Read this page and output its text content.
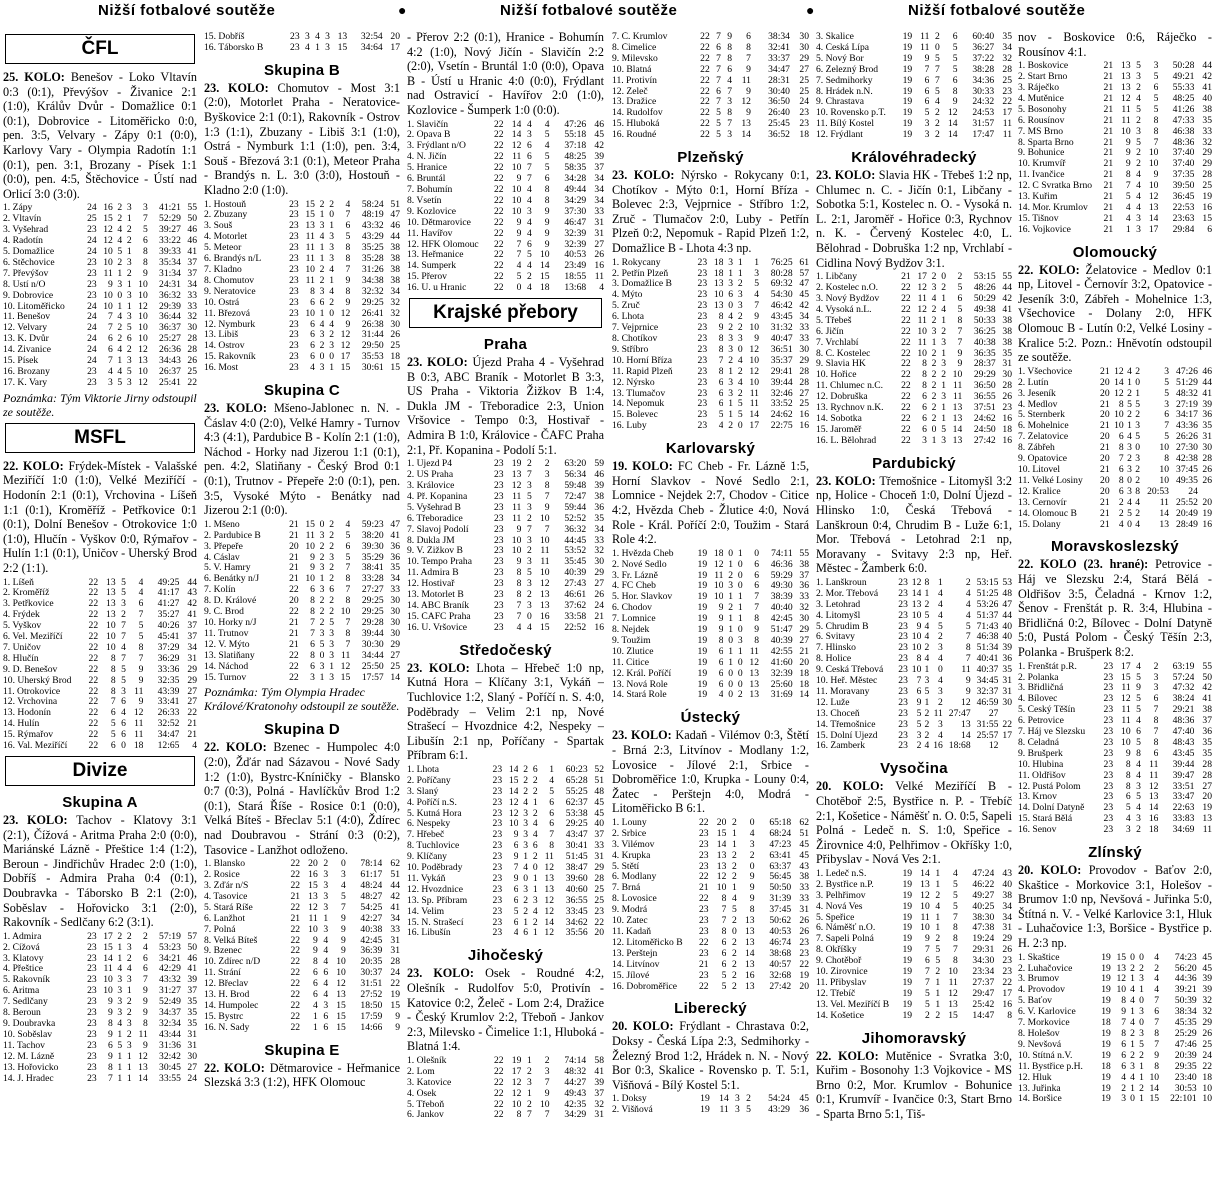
Nižší fotbalové soutěže	●	Nižší fotbalové soutěže	●	Nižší fotbalové soutěže
ČFL
25. KOLO: Benešov - Loko Vltavín 0:3 (0:1), Převýšov - Živanice 2:1 (1:0), Králův Dvůr - Domažlice 0:1 (0:1), Dobrovice - Litoměřicko 0:0, pen. 3:5, Velvary - Zápy 0:1 (0:0), Karlovy Vary - Olympia Radotín 1:1 (0:1), pen. 3:1, Brozany - Písek 1:1 (0:0), pen. 4:5, Štěchovice - Ústí nad Orlicí 3:0 (3:0).
1. Zápy	24	16	2	3	3	41:21	55
2. Vltavín	25	15	2	1	7	52:29	50
3. Vyšehrad	23	12	4	2	5	39:27	46
4. Radotín	24	12	4	2	6	33:22	46
5. Domažlice	24	10	5	1	8	39:33	41
6. Štěchovice	23	10	2	3	8	35:34	37
7. Převýšov	23	11	1	2	9	31:34	37
8. Ústí n/O	23	9	3	1	10	24:31	34
9. Dobrovice	23	10	0	3	10	36:32	33
10. Litoměřicko	24	10	1	1	12	29:39	33
11. Benešov	24	7	4	3	10	36:44	32
12. Velvary	24	7	2	5	10	36:37	30
13. K. Dvůr	24	6	2	6	10	25:27	28
14. Živanice	24	6	4	2	12	26:36	28
15. Písek	24	7	1	3	13	34:43	26
16. Brozany	23	4	4	5	10	26:37	25
17. K. Vary	23	3	5	3	12	25:41	22
Poznámka: Tým Viktorie Jirny odstoupil ze soutěže.
MSFL
22. KOLO: Frýdek-Místek - Valašské Meziříčí 1:0 (1:0), Velké Meziříčí - Hodonín 2:1 (0:1), Vrchovina - Líšeň 1:1 (0:1), Kroměříž - Petřkovice 0:1 (0:1), Dolní Benešov - Otrokovice 1:0 (1:0), Hlučín - Vyškov 0:0, Rýmařov - Hulín 1:1 (0:1), Uničov - Uherský Brod 2:2 (1:1).
1. Líšeň	22	13	5	4	49:25	44
2. Kroměříž	22	13	5	4	41:17	43
3. Petřkovice	22	13	3	6	41:27	42
4. Frýdek	22	13	2	7	35:27	41
5. Vyškov	22	10	7	5	40:26	37
6. Vel. Meziříčí	22	10	7	5	45:41	37
7. Uničov	22	10	4	8	37:29	34
8. Hlučín	22	8	7	7	36:29	31
9. D. Benešov	22	8	5	9	33:36	29
10. Uherský Brod	22	8	5	9	32:35	29
11. Otrokovice	22	8	3	11	43:39	27
12. Vrchovina	22	7	6	9	33:41	27
13. Hodonín	22	6	4	12	26:33	22
14. Hulín	22	5	6	11	32:52	21
15. Rýmařov	22	5	6	11	34:47	21
16. Val. Meziříčí	22	6	0	18	12:65	4
Divize
Skupina A
23. KOLO: Tachov - Klatovy 3:1 (2:1), Čížová - Aritma Praha 2:0 (0:0), Mariánské Lázně - Přeštice 1:4 (1:2), Beroun - Jindřichův Hradec 2:0 (1:0), Dobříš - Admira Praha 0:4 (0:1), Doubravka - Táborsko B 2:1 (2:0), Soběslav - Hořovicko 3:1 (2:0), Rakovník - Sedlčany 6:2 (3:1).
1. Admira	23	17	2	2	2	57:19	57
2. Čížová	23	15	1	3	4	53:23	50
3. Klatovy	23	14	1	2	6	34:21	46
4. Přeštice	23	11	4	4	6	42:29	41
5. Rakovník	23	10	3	3	7	43:32	39
6. Aritma	23	10	3	1	9	31:27	37
7. Sedlčany	23	9	3	2	9	52:49	35
8. Beroun	23	9	3	2	9	34:37	35
9. Doubravka	23	8	4	3	8	32:34	35
10. Soběslav	23	9	1	2	11	43:44	31
11. Tachov	23	6	5	3	9	31:36	31
12. M. Lázně	23	9	1	1	12	32:42	30
13. Hořovicko	23	8	1	1	13	30:45	27
14. J. Hradec	23	7	1	1	14	33:55	24
15. Dobříš	23	3	4	3	13	32:54	20
16. Táborsko B	23	4	1	3	15	34:64	17
Skupina B
23. KOLO: Chomutov - Most 3:1 (2:0), Motorlet Praha - Neratovice-Byškovice 2:1 (0:1), Rakovník - Ostrov 1:3 (1:1), Zbuzany - Libiš 3:1 (1:0), Ostrá - Nymburk 1:1 (1:0), pen. 3:4, Souš - Březová 3:1 (0:1), Meteor Praha - Brandýs n. L. 3:0 (3:0), Hostouň - Kladno 2:0 (1:0).
1. Hostouň	23	15	2	2	4	58:24	51
2. Zbuzany	23	15	1	0	7	48:19	47
3. Souš	23	13	3	1	6	43:32	46
4. Motorlet	23	11	4	3	5	43:29	44
5. Meteor	23	11	1	3	8	35:25	38
6. Brandýs n/L	23	11	1	3	8	35:28	38
7. Kladno	23	10	2	4	7	31:26	38
8. Chomutov	23	11	2	1	9	34:38	38
9. Neratovice	23	8	3	4	8	32:32	34
10. Ostrá	23	6	6	2	9	29:25	32
11. Březová	23	10	1	0	12	26:41	32
12. Nymburk	23	6	4	4	9	26:38	30
13. Libiš	23	6	3	2	12	31:44	26
14. Ostrov	23	6	2	3	12	29:50	25
15. Rakovník	23	6	0	0	17	35:53	18
16. Most	23	4	3	1	15	30:61	15
Skupina C
23. KOLO: Mšeno-Jablonec n. N. - Čáslav 4:0 (2:0), Velké Hamry - Turnov 4:3 (4:1), Pardubice B - Kolín 2:1 (1:0), Náchod - Horky nad Jizerou 1:1 (0:1), pen. 4:2, Slatiňany - Český Brod 0:1 (0:1), Trutnov - Přepeře 2:0 (0:1), pen. 3:5, Vysoké Mýto - Benátky nad Jizerou 2:1 (0:0).
1. Mšeno	21	15	0	2	4	59:23	47
2. Pardubice B	21	11	3	2	5	38:20	41
3. Přepeře	20	10	2	2	6	39:30	36
4. Čáslav	21	9	2	3	5	35:29	36
5. V. Hamry	21	9	3	2	7	38:41	35
6. Benátky n/J	21	10	1	2	8	33:28	34
7. Kolín	22	6	3	6	7	27:27	33
8. D. Králové	20	8	2	2	8	29:25	30
9. Č. Brod	22	8	2	2	10	29:25	30
10. Horky n/J	21	7	2	5	7	29:28	30
11. Trutnov	21	7	3	3	8	39:44	30
12. V. Mýto	21	6	5	3	7	30:30	29
13. Slatiňany	22	8	0	3	11	34:44	27
14. Náchod	22	6	3	1	12	25:50	25
15. Turnov	22	3	1	3	15	17:57	14
Poznámka: Tým Olympia Hradec Králové/Kratonohy odstoupil ze soutěže.
Skupina D
22. KOLO: Bzenec - Humpolec 4:0 (2:0), Žďár nad Sázavou - Nové Sady 1:2 (1:0), Bystrc-Kníničky - Blansko 0:7 (0:3), Polná - Havlíčkův Brod 1:2 (0:1), Stará Říše - Rosice 0:1 (0:0), Velká Bíteš - Břeclav 5:1 (4:0), Ždírec nad Doubravou - Strání 0:3 (0:2), Tasovice - Lanžhot odloženo.
1. Blansko	22	20	2	0	78:14	62
2. Rosice	22	16	3	3	61:17	51
3. Žďár n/S	22	15	3	4	48:24	44
4. Tasovice	21	13	3	5	48:27	42
5. Stará Říše	22	12	3	7	54:25	41
6. Lanžhot	21	11	1	9	42:27	34
7. Polná	22	10	3	9	40:38	33
8. Velká Bíteš	22	9	4	9	42:45	31
9. Bzenec	22	9	4	9	36:39	31
10. Ždírec n/D	22	8	4	10	20:35	28
11. Strání	22	6	6	10	30:37	24
12. Břeclav	22	6	4	12	31:51	22
13. H. Brod	22	6	4	13	27:52	19
14. Humpolec	22	4	3	15	18:50	15
15. Bystrc	22	1	6	15	17:59	9
16. N. Sady	22	1	6	15	14:66	9
Skupina E
22. KOLO: Dětmarovice - Heřmanice Slezská 3:3 (1:2), HFK Olomouc
- Přerov 2:2 (0:1), Hranice - Bohumín 4:2 (1:0), Nový Jičín - Slavičín 2:2 (2:0), Vsetín - Bruntál 1:0 (0:0), Opava B - Ústí u Hranic 4:0 (0:0), Frýdlant nad Ostravicí - Havířov 2:0 (1:0), Kozlovice - Šumperk 1:0 (0:0).
1. Slavičín	22	14	4	4	47:26	46
2. Opava B	22	14	3	5	55:18	45
3. Frýdlant n/O	22	12	6	4	37:18	42
4. N. Jičín	22	11	6	5	48:25	39
5. Hranice	22	10	7	5	58:35	37
6. Bruntál	22	9	7	6	34:28	34
7. Bohumín	22	10	4	8	49:44	34
8. Vsetín	22	10	4	8	34:29	34
9. Kozlovice	22	10	3	9	37:30	33
10. Dětmarovice	22	9	4	9	46:47	31
11. Havířov	22	9	4	9	32:39	31
12. HFK Olomouc	22	7	6	9	32:39	27
13. Heřmanice	22	7	5	10	40:53	26
14. Šumperk	22	4	4	14	23:49	16
15. Přerov	22	5	2	15	18:55	11
16. Ú. u Hranic	22	0	4	18	13:68	4
Krajské přebory
Praha
23. KOLO: Újezd Praha 4 - Vyšehrad B 0:3, ABC Braník - Motorlet B 3:3, US Praha - Viktoria Žižkov B 1:4, Dukla JM - Třeboradice 2:3, Union Vršovice - Tempo 0:3, Hostivař - Admira B 1:0, Královice - ČAFC Praha 2:1, Př. Kopanina - Podolí 5:1.
1. Újezd P4	23	19	2	2	63:20	59
2. US Praha	23	13	7	3	56:34	46
3. Královice	23	12	3	8	59:48	39
4. Př. Kopanina	23	11	5	7	72:47	38
5. Vyšehrad B	23	11	3	9	59:44	36
6. Třeboradice	23	11	2	10	52:52	35
7. Slavoj Podolí	23	9	7	7	36:32	34
8. Dukla JM	23	10	3	10	44:45	33
9. V. Žižkov B	23	10	2	11	53:52	32
10. Tempo Praha	23	9	3	11	35:45	30
11. Admira B	23	8	5	10	40:39	29
12. Hostivař	23	8	3	12	27:43	27
13. Motorlet B	23	8	2	13	46:61	26
14. ABC Braník	23	7	3	13	37:62	24
15. ČAFC Praha	23	7	0	16	33:58	21
16. U. Vršovice	23	4	4	15	22:52	16
Středočeský
23. KOLO: Lhota – Hřebeč 1:0 np, Kutná Hora – Klíčany 3:1, Vykáň – Tuchlovice 1:2, Slaný - Poříčí n. S. 4:0, Poděbrady – Velim 2:1 np, Nové Strašecí – Hvozdnice 4:2, Nespeky – Libušín 2:1 np, Poříčany - Spartak Příbram 6:1.
1. Lhota	23	14	2	6	1	60:23	52
2. Poříčany	23	15	2	2	4	65:28	51
3. Slaný	23	14	2	2	5	55:25	48
4. Poříčí n.S.	23	12	4	1	6	62:37	45
5. Kutná Hora	23	12	3	2	6	53:38	45
6. Nespeky	23	10	3	4	6	29:25	40
7. Hřebeč	23	9	3	4	7	43:47	37
8. Tuchlovice	23	6	3	6	8	30:41	33
9. Klíčany	23	9	1	2	11	51:45	31
10. Poděbrady	23	7	4	0	12	38:47	29
11. Vykáň	23	9	0	1	13	39:60	28
12. Hvozdnice	23	6	3	1	13	40:60	25
13. Sp. Příbram	23	6	2	3	12	36:55	25
14. Velim	23	5	2	4	12	33:45	23
15. N. Strašecí	23	6	1	2	14	34:62	22
16. Libušín	23	4	6	1	12	35:56	20
Jihočeský
23. KOLO: Osek - Roudné 4:2, Olešník - Rudolfov 5:0, Protivín - Katovice 0:2, Želeč - Lom 2:4, Dražice - Český Krumlov 2:2, Třeboň - Jankov 2:3, Milevsko - Čimelice 1:1, Hluboká - Blatná 1:4.
1. Olešník	22	19	1	2	74:14	58
2. Lom	22	17	2	3	48:32	41
3. Katovice	22	12	3	7	44:27	39
4. Osek	22	12	1	9	49:43	37
5. Třeboň	22	10	2	10	42:35	32
6. Jankov	22	8	7	7	34:29	31
7. Č. Krumlov	22	7	9	6	38:34	30
8. Čimelice	22	6	8	8	32:41	30
9. Milevsko	22	7	8	7	33:37	29
10. Blatná	22	7	6	9	34:47	27
11. Protivín	22	7	4	11	28:31	25
12. Želeč	22	6	7	9	30:40	25
13. Dražice	22	7	3	12	36:50	24
14. Rudolfov	22	5	8	9	26:40	23
15. Hluboká	22	5	7	13	25:45	23
16. Roudné	22	5	3	14	36:52	18
Plzeňský
23. KOLO: Nýrsko - Rokycany 0:1, Chotíkov - Mýto 0:1, Horní Bříza - Bolevec 2:3, Vejprnice - Stříbro 1:2, Zruč - Tlumačov 2:0, Luby - Petřín Plzeň 0:2, Nepomuk - Rapid Plzeň 1:2, Domažlice B - Lhota 4:3 np.
1. Rokycany	23	18	3	1	1	76:25	61
2. Petřín Plzeň	23	18	1	1	3	80:28	57
3. Domažlice B	23	13	3	2	5	69:32	47
4. Mýto	23	10	6	3	4	54:30	45
5. Zruč	23	13	0	3	7	46:42	42
6. Lhota	23	8	4	2	9	43:45	34
7. Vejprnice	23	9	2	2	10	31:32	33
8. Chotíkov	23	8	3	3	9	40:47	33
9. Stříbro	23	8	3	0	12	36:51	30
10. Horní Bříza	23	7	2	4	10	35:37	29
11. Rapid Plzeň	23	8	1	2	12	29:41	28
12. Nýrsko	23	6	3	4	10	39:44	28
13. Tlumačov	23	6	3	2	11	32:46	27
14. Nepomuk	23	6	1	5	11	33:52	25
15. Bolevec	23	5	1	5	14	24:62	16
16. Luby	23	4	2	0	17	22:75	16
Karlovarský
19. KOLO: FC Cheb - Fr. Lázně 1:5, Horní Slavkov - Nové Sedlo 2:1, Lomnice - Nejdek 2:7, Chodov - Citice 4:2, Hvězda Cheb - Žlutice 4:0, Nová Role - Král. Poříčí 2:0, Toužim - Stará Role 4:2.
1. Hvězda Cheb	19	18	0	1	0	74:11	55
2. Nové Sedlo	19	12	1	0	6	46:36	38
3. Fr. Lázně	19	11	2	0	6	59:29	37
4. FC Cheb	19	10	3	0	6	49:30	36
5. Hor. Slavkov	19	10	1	1	7	38:39	33
6. Chodov	19	9	2	1	7	40:40	32
7. Lomnice	19	9	1	1	8	42:45	30
8. Nejdek	19	9	1	0	9	51:47	29
9. Toužim	19	8	0	3	8	40:39	27
10. Žlutice	19	6	1	1	11	42:55	21
11. Citice	19	6	1	0	12	41:60	20
12. Král. Poříčí	19	6	0	0	13	32:39	18
13. Nová Role	19	6	0	0	13	25:60	18
14. Stará Role	19	4	0	2	13	31:69	14
Ústecký
23. KOLO: Kadaň - Vilémov 0:3, Štětí - Brná 2:3, Litvínov - Modlany 1:2, Lovosice - Jílové 2:1, Srbice - Dobroměřice 1:0, Krupka - Louny 0:4, Žatec - Perštejn 4:0, Modrá - Litoměřicko B 6:1.
1. Louny	22	20	2	0	65:18	62
2. Srbice	23	15	1	4	68:24	51
3. Vilémov	23	14	1	3	47:23	45
4. Krupka	23	13	2	2	63:41	45
5. Štětí	23	13	2	0	63:37	43
6. Modlany	22	12	2	9	56:45	38
7. Brná	21	10	1	9	50:50	33
8. Lovosice	22	8	4	9	31:39	33
9. Modrá	23	7	5	8	37:45	31
10. Žatec	23	7	2	13	50:62	26
11. Kadaň	23	8	0	13	40:53	26
12. Litoměřicko B	22	6	2	13	46:74	23
13. Perštejn	23	6	2	14	38:68	23
14. Litvínov	21	6	2	13	40:57	22
15. Jílové	23	5	2	16	32:68	19
16. Dobroměřice	22	5	2	13	27:42	20
Liberecký
20. KOLO: Frýdlant - Chrastava 0:2, Doksy - Česká Lípa 2:3, Sedmihorky - Železný Brod 1:2, Hrádek n. N. - Nový Bor 0:3, Skalice - Rovensko p. T. 5:1, Višňová - Bílý Kostel 5:1.
1. Doksy	19	14	3	2	54:24	45
2. Višňová	19	11	3	5	43:29	36
3. Skalice	19	11	2	6	60:40	35
4. Česká Lípa	19	11	0	5	36:27	34
5. Nový Bor	19	9	5	5	37:22	32
6. Železný Brod	19	7	7	5	38:28	28
7. Sedmihorky	19	6	7	6	34:36	25
8. Hrádek n.N.	19	6	5	8	30:33	23
9. Chrastava	19	6	4	9	24:32	22
10. Rovensko p.T.	19	5	2	12	24:53	17
11. Bílý Kostel	19	3	2	14	31:57	11
12. Frýdlant	19	3	2	14	17:47	11
Královéhradecký
23. KOLO: Slavia HK - Třebeš 1:2 np, Chlumec n. C. - Jičín 0:1, Libčany - Sobotka 5:1, Kostelec n. O. - Vysoká n. L. 2:1, Jaroměř - Hořice 0:3, Rychnov n. K. - Červený Kostelec 4:0, L. Bělohrad - Dobruška 1:2 np, Vrchlabí - Cidlina Nový Bydžov 3:1.
1. Libčany	21	17	2	0	2	53:15	55
2. Kostelec n.O.	22	12	3	2	5	48:26	44
3. Nový Bydžov	22	11	4	1	6	50:29	42
4. Vysoká n.L.	22	12	2	4	5	49:38	41
5. Třebeš	22	11	2	1	8	50:33	38
6. Jičín	22	10	3	2	7	36:25	38
7. Vrchlabí	22	11	1	3	7	40:38	38
8. Č. Kostelec	22	10	2	1	9	36:35	35
9. Slavia HK	22	8	2	3	9	28:37	31
10. Hořice	22	8	2	2	10	29:29	30
11. Chlumec n.C.	22	8	2	1	11	36:50	28
12. Dobruška	22	6	2	3	11	36:55	26
13. Rychnov n.K.	22	6	2	1	13	37:51	23
14. Sobotka	22	6	2	1	13	24:62	16
15. Jaroměř	22	6	0	5	14	24:50	18
16. L. Bělohrad	22	3	1	3	13	27:42	16
Pardubický
23. KOLO: Třemošnice - Litomyšl 3:2 np, Holice - Choceň 1:0, Dolní Újezd - Hlinsko 1:0, Česká Třebová - Lanškroun 0:4, Chrudim B - Luže 6:1, Mor. Třebová - Letohrad 2:1 np, Moravany - Svitavy 2:3 np, Heř. Městec - Žamberk 6:0.
1. Lanškroun	23	12	8	1	2	53:15	53
2. Mor. Třebová	23	14	1	4	4	51:25	48
3. Letohrad	23	13	2	4	4	53:26	47
4. Litomyšl	23	10	5	4	4	51:37	44
5. Chrudim B	23	9	4	5	5	71:43	40
6. Svitavy	23	10	4	2	7	46:38	40
7. Hlinsko	23	10	2	3	8	51:34	39
8. Holice	23	8	4	4	7	40:41	36
9. Česká Třebová	23	10	1	0	11	40:37	35
10. Heř. Městec	23	7	3	4	9	34:45	31
11. Moravany	23	6	5	3	9	32:37	31
12. Luže	23	9	1	2	12	46:59	30
13. Choceň	23	5	2	11	27:47	27	
14. Třemošnice	23	5	2	3	13	31:55	22
15. Dolní Újezd	23	3	2	4	14	25:57	17
16. Žamberk	23	2	4	16	18:68	12	
Vysočina
20. KOLO: Velké Meziříčí B - Chotěboř 2:5, Bystřice n. P. - Třebíč 2:1, Košetice - Náměšť n. O. 0:5, Sapeli Polná - Ledeč n. S. 1:0, Speřice - Žirovnice 4:0, Pelhřimov - Okříšky 1:0, Přibyslav - Nová Ves 2:1.
1. Ledeč n.S.	19	14	1	4	47:24	43
2. Bystřice n.P.	19	13	1	5	46:22	40
3. Pelhřimov	19	12	2	5	49:27	38
4. Nová Ves	19	10	4	5	40:25	34
5. Speřice	19	11	1	7	38:30	34
6. Náměšť n.O.	19	10	1	8	47:38	31
7. Sapeli Polná	19	9	2	8	19:24	29
8. Okříšky	19	7	5	7	29:31	26
9. Chotěboř	19	6	5	8	34:30	23
10. Žirovnice	19	7	2	10	23:34	23
11. Přibyslav	19	7	1	11	27:37	22
12. Třebíč	19	5	1	12	29:47	17
13. Vel. Meziříčí B	19	5	1	13	25:42	16
14. Košetice	19	2	2	15	14:47	8
Jihomoravský
22. KOLO: Mutěnice - Svratka 3:0, Kuřim - Bosonohy 1:3 Vojkovice - MS Brno 0:2, Mor. Krumlov - Bohunice 0:1, Krumvíř - Ivančice 0:3, Start Brno - Sparta Brno 5:1, Tiš-
nov - Boskovice 0:6, Ráječko - Rousínov 4:1.
1. Boskovice	21	13	5	3	50:28	44
2. Start Brno	21	13	3	5	49:21	42
3. Ráječko	21	13	2	6	55:33	41
4. Mutěnice	21	12	4	5	48:25	40
5. Bosonohy	21	11	5	5	41:26	38
6. Rousínov	21	11	2	8	47:33	35
7. MS Brno	21	10	3	8	46:38	33
8. Sparta Brno	21	9	5	7	48:36	32
9. Bohunice	21	9	2	10	37:40	29
10. Krumvíř	21	9	2	10	37:40	29
11. Ivančice	21	8	4	9	37:35	28
12. C Svratka Brno	21	7	4	10	39:50	25
13. Kuřim	21	5	4	12	36:45	19
14. Mor. Krumlov	21	4	4	13	22:53	16
15. Tišnov	21	4	3	14	23:63	15
16. Vojkovice	21	1	3	17	29:84	6
Olomoucký
22. KOLO: Želatovice - Medlov 0:1 np, Litovel - Černovír 3:2, Opatovice - Jeseník 3:0, Zábřeh - Mohelnice 1:3, Všechovice - Dolany 2:0, HFK Olomouc B - Lutín 0:2, Velké Losiny - Kralice 5:2. Pozn.: Hněvotín odstoupil ze soutěže.
1. Všechovice	21	12	4	2	3	47:26	46
2. Lutín	20	14	1	0	5	51:29	44
3. Jeseník	20	12	2	1	5	48:32	41
4. Medlov	21	8	5	5	3	27:19	39
5. Šternberk	20	10	2	2	6	34:17	36
6. Mohelnice	21	10	1	3	7	43:36	35
7. Želatovice	20	6	4	5	5	26:26	31
8. Zábřeh	21	8	3	0	10	27:30	30
9. Opatovice	20	7	2	3	8	42:38	28
10. Litovel	21	6	3	2	10	37:45	26
11. Velké Losiny	20	8	0	2	10	49:35	26
12. Kralice	20	6	3	8	20:53	24	
13. Černovír	21	2	4	4	11	25:52	20
14. Olomouc B	21	2	5	2	14	20:49	19
15. Dolany	21	4	0	4	13	28:49	16
Moravskoslezský
22. KOLO (23. hrané): Petrovice - Háj ve Slezsku 2:4, Stará Bělá - Oldřišov 3:5, Čeladná - Krnov 1:2, Šenov - Frenštát p. R. 3:4, Hlubina - Břidličná 0:2, Bílovec - Dolní Datyně 5:0, Pustá Polom - Český Těšín 2:3, Polanka - Brušperk 8:2.
1. Frenštát p.R.	23	17	4	2	63:19	55
2. Polanka	23	15	5	3	57:24	50
3. Břidličná	23	11	9	3	47:32	42
4. Bílovec	23	12	5	6	38:24	41
5. Český Těšín	23	11	5	7	29:21	38
6. Petrovice	23	11	4	8	48:36	37
7. Háj ve Slezsku	23	10	6	7	47:40	36
8. Čeladná	23	10	5	8	48:43	35
9. Brušperk	23	9	8	6	43:45	35
10. Hlubina	23	8	4	11	39:44	28
11. Oldřišov	23	8	4	11	39:47	28
12. Pustá Polom	23	8	3	12	33:51	27
13. Krnov	23	6	5	13	33:47	20
14. Dolní Datyně	23	5	4	14	22:63	19
15. Stará Bělá	23	4	3	16	33:83	13
16. Šenov	23	3	2	18	34:69	11
Zlínský
20. KOLO: Provodov - Baťov 2:0, Skaštice - Morkovice 3:1, Holešov - Brumov 1:0 np, Nevšová - Juřinka 5:0, Štítná n. V. - Velké Karlovice 3:1, Hluk - Luhačovice 1:3, Boršice - Bystřice p. H. 2:3 np.
1. Skaštice	19	15	0	0	4	74:23	45
2. Luhačovice	19	13	2	2	2	56:20	45
3. Brumov	19	12	1	3	4	44:36	39
4. Provodov	19	10	4	1	4	39:21	39
5. Baťov	19	8	4	0	7	50:39	32
6. V. Karlovice	19	9	1	3	6	38:34	32
7. Morkovice	18	7	4	0	7	45:35	29
8. Holešov	19	8	2	3	8	25:29	26
9. Nevšová	19	6	1	5	7	47:46	25
10. Štítná n.V.	19	6	2	2	9	20:39	24
11. Bystřice p.H.	18	6	3	1	8	29:35	22
12. Hluk	19	4	4	1	10	23:40	18
13. Juřinka	19	2	1	2	14	30:53	10
14. Boršice	19	3	0	1	15	22:101	10
